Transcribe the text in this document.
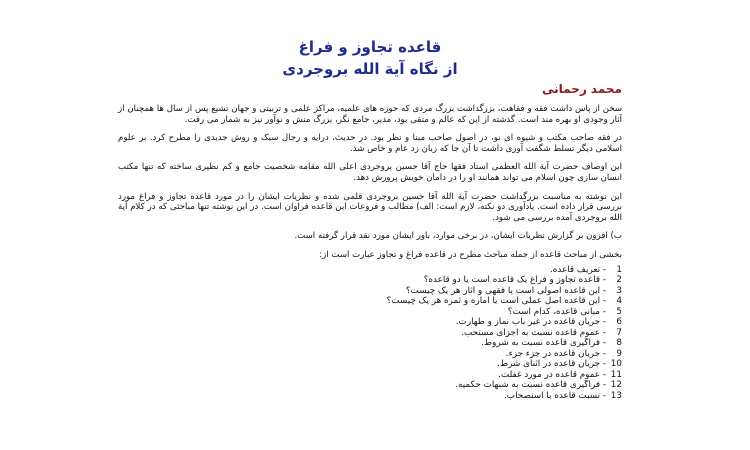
قاعده تجاوز و فراغ
از نگاه آیة الله بروجردی
محمد رحمانی

سخن از پاس داشت فقه و فقاهت، بزرگداشت بزرگ مردی که حوزه های علمیه، مراکز علمی و تربیتی و جهان تشیع پس از سال ها همچنان از آثار وجودی او بهره مند است. گذشته از این که عالم و متقی بود، مدیر، جامع نگر، بزرگ منش و نوآور نیز به شمار می رفت.

در فقه صاحب مکتب و شیوه ای نو، در اصول صاحب مبنا و نظر بود. در حدیث، درایه و رجال سبک و روش جدیدی را مطرح کرد. بر علوم اسلامی دیگر تسلط شگفت آوری داشت تا آن جا که زبان زد عام و خاص شد.

این اوصاف حضرت آیة الله العظمی استاد فقها حاج آقا حسین بروجردی اعلی الله مقامه شخصیت جامع و کم نظیری ساخته که تنها مکتب انسان سازی چون اسلام می تواند همانند او را در دامان خویش پرورش دهد.

این نوشته به مناسبت بزرگداشت حضرت آیة الله آقا حسین بروجردی قلمی شده و نظریات ایشان را در مورد قاعده تجاوز و فراغ مورد بررسی قرار داده است. یادآوری دو نکته، لازم است: الف) مطالب و فروعات این قاعده فراوان است. در این نوشته تنها مباحثی که در کلام آیة الله بروجردی آمده بررسی می شود.

ب) افزون بر گزارش نظریات ایشان، در برخی موارد، باور ایشان مورد نقد قرار گرفته است.

بخشی از مباحث قاعده از جمله مباحث مطرح در قاعده فراغ و تجاوز عبارت است از:

1- تعریف قاعده.
2- قاعده تجاوز و فراغ یک قاعده است یا دو قاعده؟
3- این قاعده اصولی است یا فقهی و آثار هر یک چیست؟
4- این قاعده اصل عملی است یا اماره و ثمره هر یک چیست؟
5- مبانی قاعده، کدام است؟
6- جریان قاعده در غیر باب نماز و طهارت.
7- عموم قاعده نسبت به اجزای مستحب.
8- فراگیری قاعده نسبت به شروط.
9- جریان قاعده در جزء جزء.
10- جریان قاعده در اثنای شرط.
11- عموم قاعده در مورد غفلت.
12- فراگیری قاعده نسبت به شبهات حکمیه.
13- نسبت قاعده با استصحاب.
